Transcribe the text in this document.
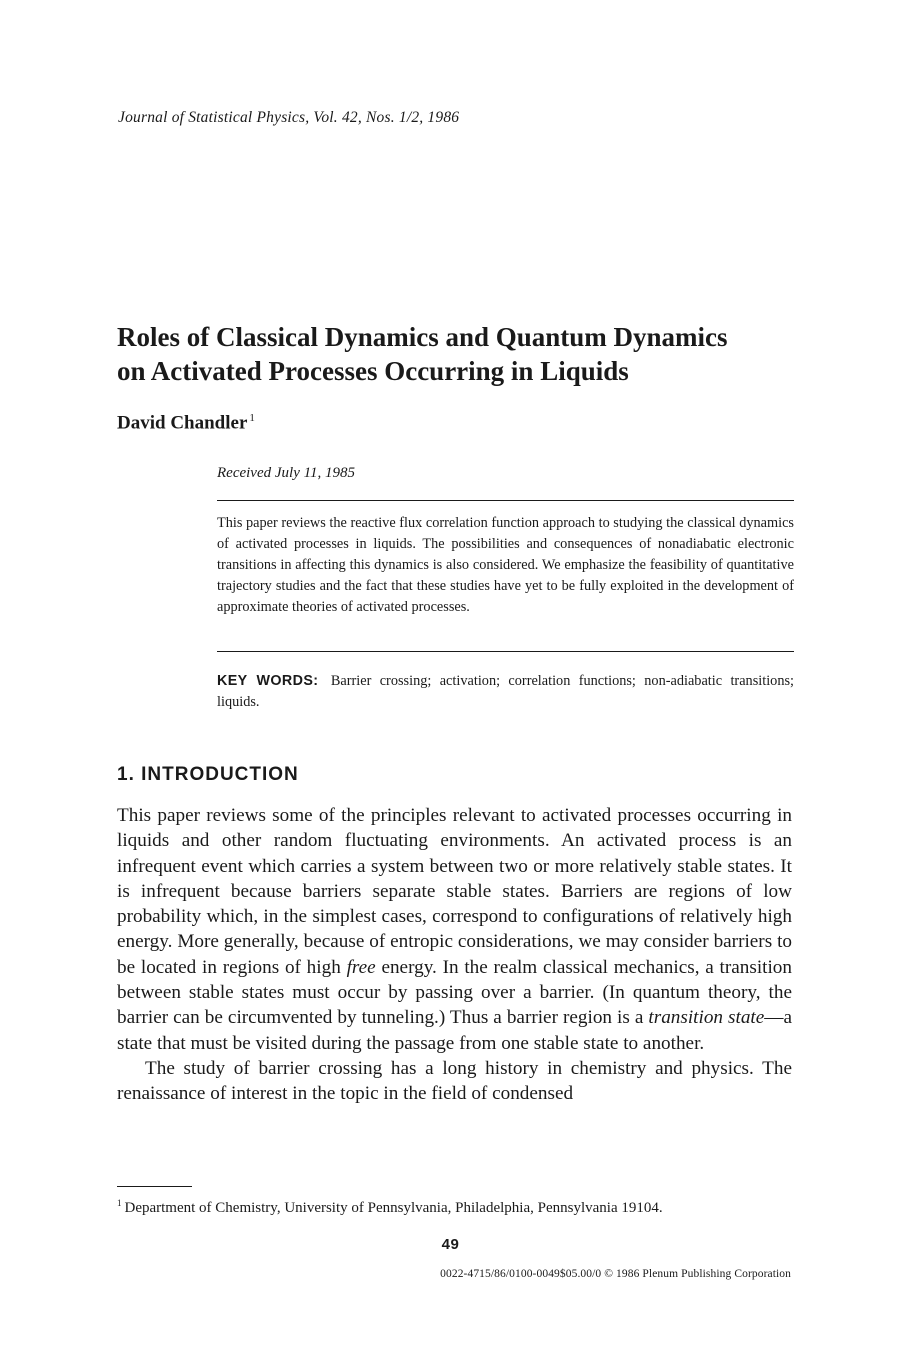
Journal of Statistical Physics, Vol. 42, Nos. 1/2, 1986
Roles of Classical Dynamics and Quantum Dynamics
on Activated Processes Occurring in Liquids
David Chandler $^1$
Received July 11, 1985

This paper reviews the reactive flux correlation function approach to studying the classical dynamics of activated processes in liquids. The possibilities and consequences of nonadiabatic electronic transitions in affecting this dynamics is also considered. We emphasize the feasibility of quantitative trajectory studies and the fact that these studies have yet to be fully exploited in the development of approximate theories of activated processes.

KEY WORDS: Barrier crossing; activation; correlation functions; non-adiabatic transitions; liquids.

1. INTRODUCTION

This paper reviews some of the principles relevant to activated processes occurring in liquids and other random fluctuating environments. An activated process is an infrequent event which carries a system between two or more relatively stable states. It is infrequent because barriers separate stable states. Barriers are regions of low probability which, in the simplest cases, correspond to configurations of relatively high energy. More generally, because of entropic considerations, we may consider barriers to be located in regions of high free energy. In the realm classical mechanics, a transition between stable states must occur by passing over a barrier. (In quantum theory, the barrier can be circumvented by tunneling.) Thus a barrier region is a transition state—a state that must be visited during the passage from one stable state to another.

The study of barrier crossing has a long history in chemistry and physics. The renaissance of interest in the topic in the field of condensed

$^1$ Department of Chemistry, University of Pennsylvania, Philadelphia, Pennsylvania 19104.
49
0022-4715/86/0100-0049$05.00/0 © 1986 Plenum Publishing Corporation
